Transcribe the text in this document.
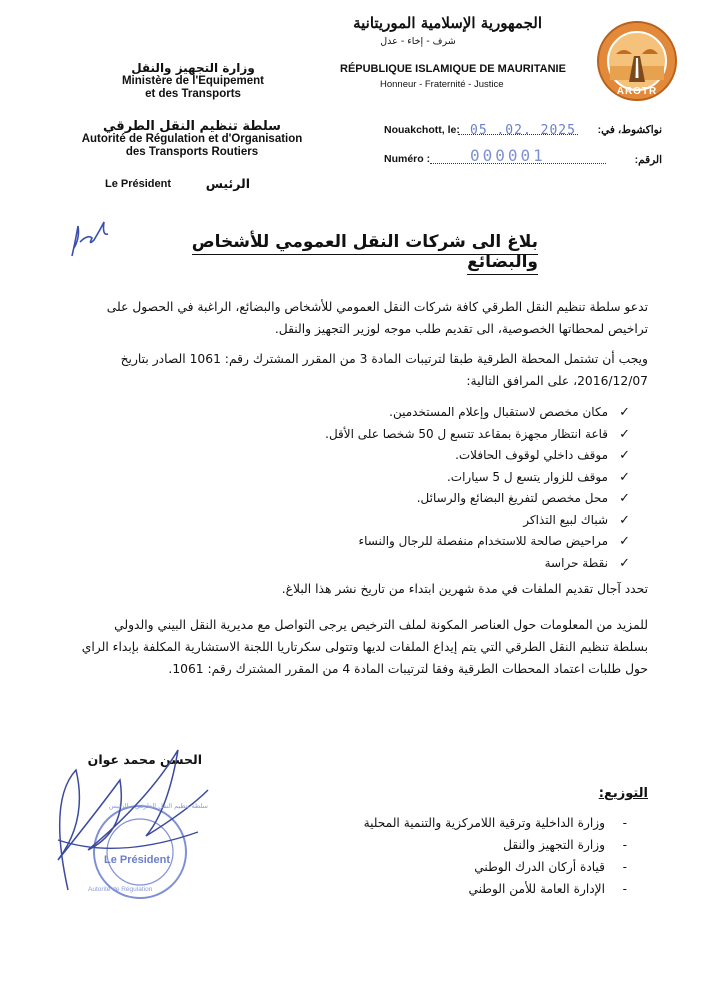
الجمهورية الإسلامية الموريتانية
شرف - إخاء - عدل
RÉPUBLIQUE ISLAMIQUE DE MAURITANIE
Honneur - Fraternité - Justice
AROTR
وزارة التجهيز والنقل
Ministère de l'Equipement
et des Transports
سلطة تنظيم النقل الطرقي
Autorité de Régulation et d'Organisation
des Transports Routiers
Le Président	الرئيس
Nouakchott, le: 05 .02. 2025	نواكشوط، في:
Numéro : 000001	الرقم:
بلاغ الى شركات النقل العمومي للأشخاص والبضائع
تدعو سلطة تنظيم النقل الطرقي كافة شركات النقل العمومي للأشخاص والبضائع، الراغبة في الحصول على
تراخيص لمحطاتها الخصوصية، الى تقديم طلب موجه لوزير التجهيز والنقل.
ويجب أن تشتمل المحطة الطرقية طبقا لترتيبات المادة 3 من المقرر المشترك رقم: 1061 الصادر بتاريخ
2016/12/07، على المرافق التالية:
✓
مكان مخصص لاستقبال وإعلام المستخدمين.
✓
قاعة انتظار مجهزة بمقاعد تتسع ل 50 شخصا على الأقل.
✓
موقف داخلي لوقوف الحافلات.
✓
موقف للزوار يتسع ل 5 سيارات.
✓
محل مخصص لتفريغ البضائع والرسائل.
✓
شباك لبيع التذاكر
✓
مراحيض صالحة للاستخدام منفصلة للرجال والنساء
✓
نقطة حراسة
تحدد آجال تقديم الملفات في مدة شهرين ابتداء من تاريخ نشر هذا البلاغ.
للمزيد من المعلومات حول العناصر المكونة لملف الترخيص يرجى التواصل مع مديرية النقل البيني والدولي
بسلطة تنظيم النقل الطرقي التي يتم إيداع الملفات لديها وتتولى سكرتاريا اللجنة الاستشارية المكلفة بإبداء الراي
حول طلبات اعتماد المحطات الطرقية وفقا لترتيبات المادة 4 من المقرر المشترك رقم: 1061.
الحسن محمد عوان
Le Président
Autorité de Régulation
سلطة تنظيم النقل الطرقي - الرئيس
التوزيع:
وزارة الداخلية وترقية اللامركزية والتنمية المحلية -
وزارة التجهيز والنقل -
قيادة أركان الدرك الوطني -
الإدارة العامة للأمن الوطني -
